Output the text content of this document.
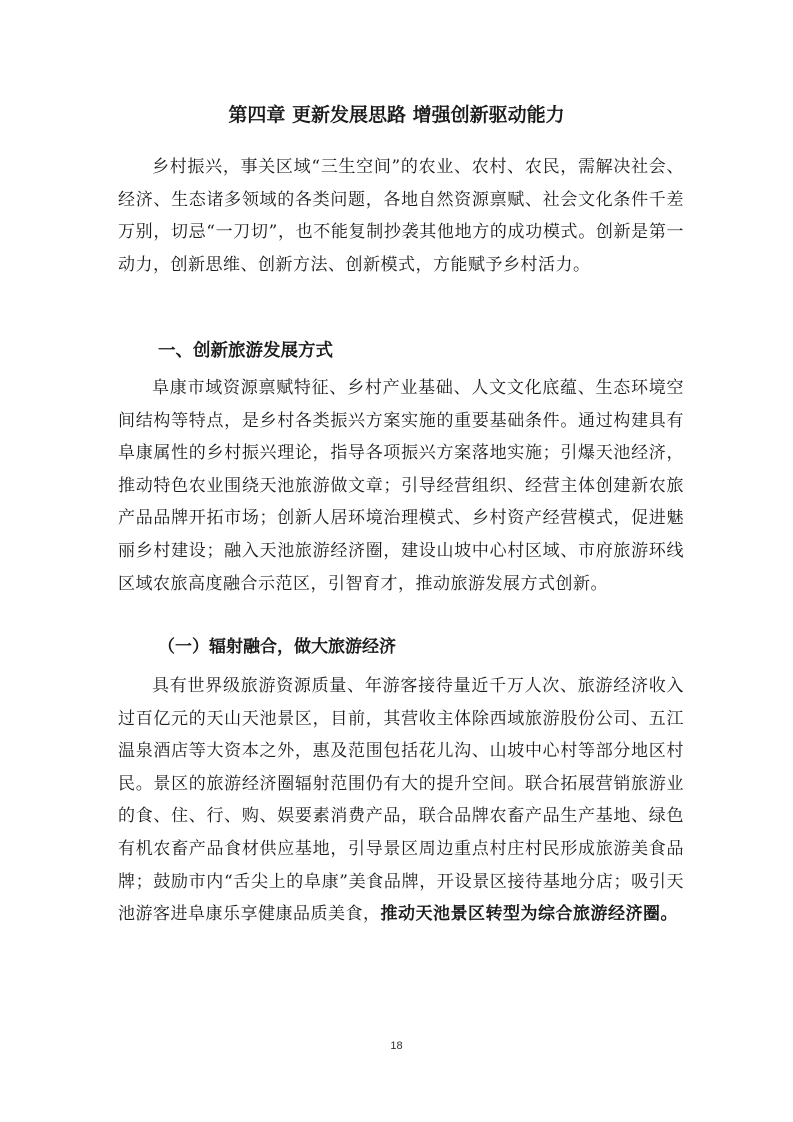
第四章 更新发展思路 增强创新驱动能力

乡村振兴，事关区域“三生空间”的农业、农村、农民，需解决社会、经济、生态诸多领域的各类问题，各地自然资源禀赋、社会文化条件千差万别，切忌“一刀切”，也不能复制抄袭其他地方的成功模式。创新是第一动力，创新思维、创新方法、创新模式，方能赋予乡村活力。

一、创新旅游发展方式

阜康市域资源禀赋特征、乡村产业基础、人文文化底蕴、生态环境空间结构等特点，是乡村各类振兴方案实施的重要基础条件。通过构建具有阜康属性的乡村振兴理论，指导各项振兴方案落地实施；引爆天池经济，推动特色农业围绕天池旅游做文章；引导经营组织、经营主体创建新农旅产品品牌开拓市场；创新人居环境治理模式、乡村资产经营模式，促进魅丽乡村建设；融入天池旅游经济圈，建设山坡中心村区域、市府旅游环线区域农旅高度融合示范区，引智育才，推动旅游发展方式创新。

（一）辐射融合，做大旅游经济

具有世界级旅游资源质量、年游客接待量近千万人次、旅游经济收入过百亿元的天山天池景区，目前，其营收主体除西域旅游股份公司、五江温泉酒店等大资本之外，惠及范围包括花儿沟、山坡中心村等部分地区村民。景区的旅游经济圈辐射范围仍有大的提升空间。联合拓展营销旅游业的食、住、行、购、娱要素消费产品，联合品牌农畜产品生产基地、绿色有机农畜产品食材供应基地，引导景区周边重点村庄村民形成旅游美食品牌；鼓励市内“舌尖上的阜康”美食品牌，开设景区接待基地分店；吸引天池游客进阜康乐享健康品质美食，推动天池景区转型为综合旅游经济圈。

18
